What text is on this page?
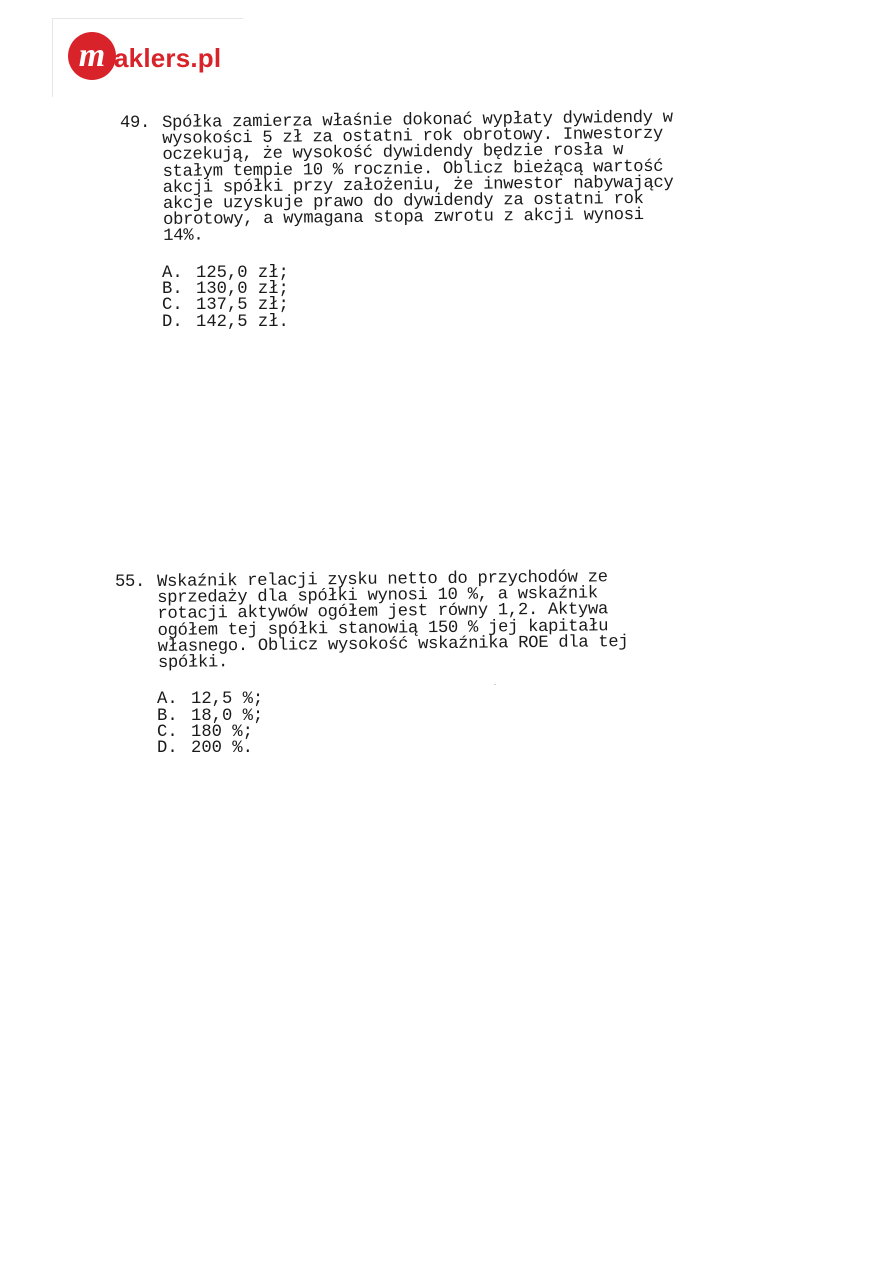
m aklers.pl
49. Spółka zamierza właśnie dokonać wypłaty dywidendy w
wysokości 5 zł za ostatni rok obrotowy. Inwestorzy
oczekują, że wysokość dywidendy będzie rosła w
stałym tempie 10 % rocznie. Oblicz bieżącą wartość
akcji spółki przy założeniu, że inwestor nabywający
akcje uzyskuje prawo do dywidendy za ostatni rok
obrotowy, a wymagana stopa zwrotu z akcji wynosi
14%.
A. 125,0 zł;
B. 130,0 zł;
C. 137,5 zł;
D. 142,5 zł.
55. Wskaźnik relacji zysku netto do przychodów ze
sprzedaży dla spółki wynosi 10 %, a wskaźnik
rotacji aktywów ogółem jest równy 1,2. Aktywa
ogółem tej spółki stanowią 150 % jej kapitału
własnego. Oblicz wysokość wskaźnika ROE dla tej
spółki.
A. 12,5 %;
B. 18,0 %;
C. 180 %;
D. 200 %.
